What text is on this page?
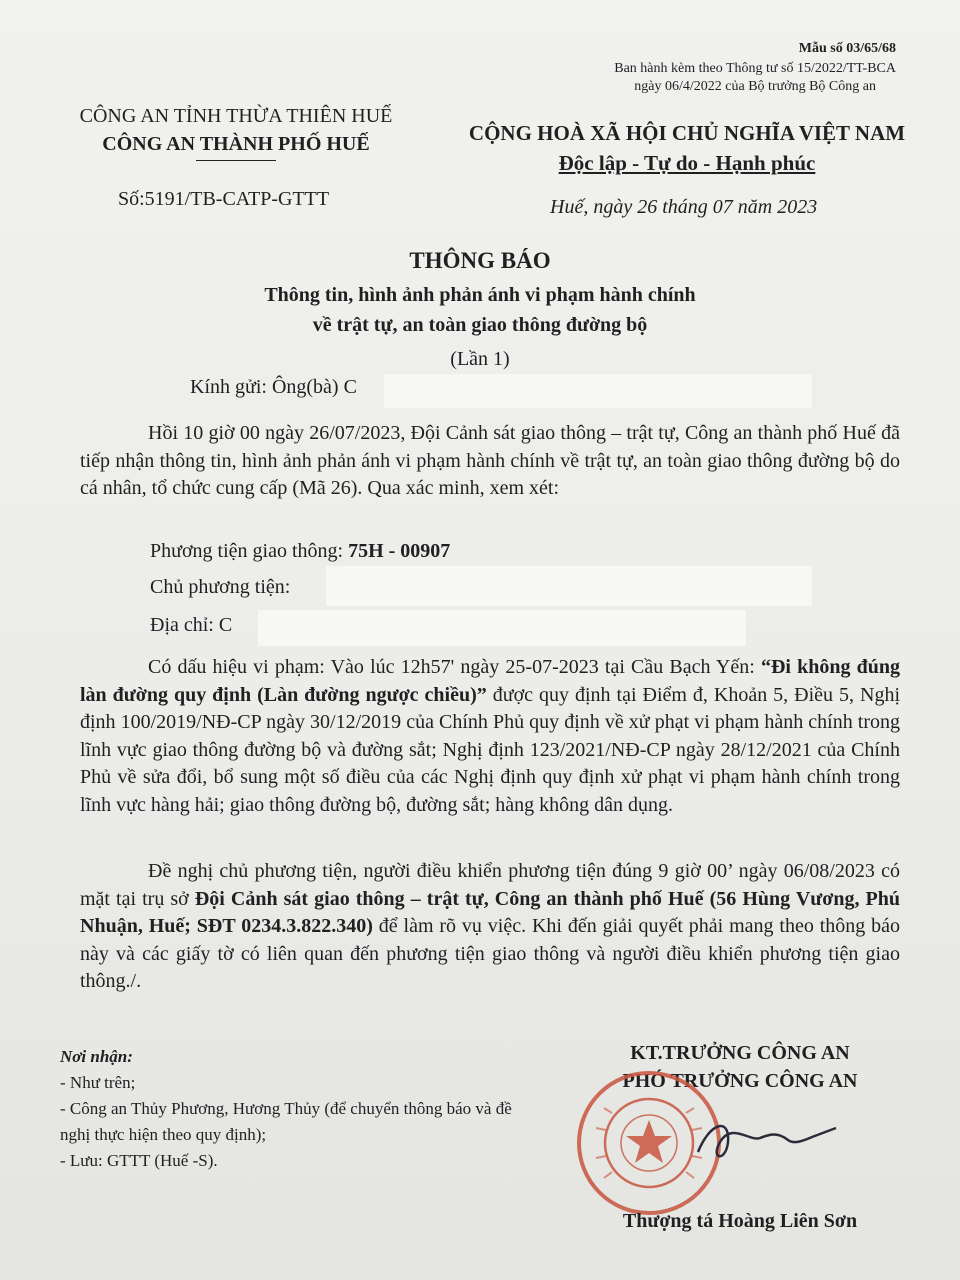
Mẫu số 03/65/68
Ban hành kèm theo Thông tư số 15/2022/TT-BCA
ngày 06/4/2022 của Bộ trưởng Bộ Công an
CÔNG AN TỈNH THỪA THIÊN HUẾ
CÔNG AN THÀNH PHỐ HUẾ
Số:5191/TB-CATP-GTTT
CỘNG HOÀ XÃ HỘI CHỦ NGHĨA VIỆT NAM
Độc lập - Tự do - Hạnh phúc
Huế, ngày 26 tháng 07 năm 2023
THÔNG BÁO
Thông tin, hình ảnh phản ánh vi phạm hành chính
về trật tự, an toàn giao thông đường bộ
(Lần 1)
Kính gửi: Ông(bà) C
Hồi 10 giờ 00 ngày 26/07/2023, Đội Cảnh sát giao thông – trật tự, Công an thành phố Huế đã tiếp nhận thông tin, hình ảnh phản ánh vi phạm hành chính về trật tự, an toàn giao thông đường bộ do cá nhân, tổ chức cung cấp (Mã 26). Qua xác minh, xem xét:
Phương tiện giao thông: 75H - 00907
Chủ phương tiện:
Địa chỉ: C
Có dấu hiệu vi phạm: Vào lúc 12h57' ngày 25-07-2023 tại Cầu Bạch Yến: “Đi không đúng làn đường quy định (Làn đường ngược chiều)” được quy định tại Điểm đ, Khoản 5, Điều 5, Nghị định 100/2019/NĐ-CP ngày 30/12/2019 của Chính Phủ quy định về xử phạt vi phạm hành chính trong lĩnh vực giao thông đường bộ và đường sắt; Nghị định 123/2021/NĐ-CP ngày 28/12/2021 của Chính Phủ về sửa đổi, bổ sung một số điều của các Nghị định quy định xử phạt vi phạm hành chính trong lĩnh vực hàng hải; giao thông đường bộ, đường sắt; hàng không dân dụng.
Đề nghị chủ phương tiện, người điều khiển phương tiện đúng 9 giờ 00’ ngày 06/08/2023 có mặt tại trụ sở Đội Cảnh sát giao thông – trật tự, Công an thành phố Huế (56 Hùng Vương, Phú Nhuận, Huế; SĐT 0234.3.822.340) để làm rõ vụ việc. Khi đến giải quyết phải mang theo thông báo này và các giấy tờ có liên quan đến phương tiện giao thông và người điều khiển phương tiện giao thông./.
Nơi nhận:
- Như trên;
- Công an Thủy Phương, Hương Thủy (để chuyển thông báo và đề nghị thực hiện theo quy định);
- Lưu: GTTT (Huế -S).
KT.TRƯỞNG CÔNG AN
PHÓ TRƯỞNG CÔNG AN
Thượng tá Hoàng Liên Sơn
